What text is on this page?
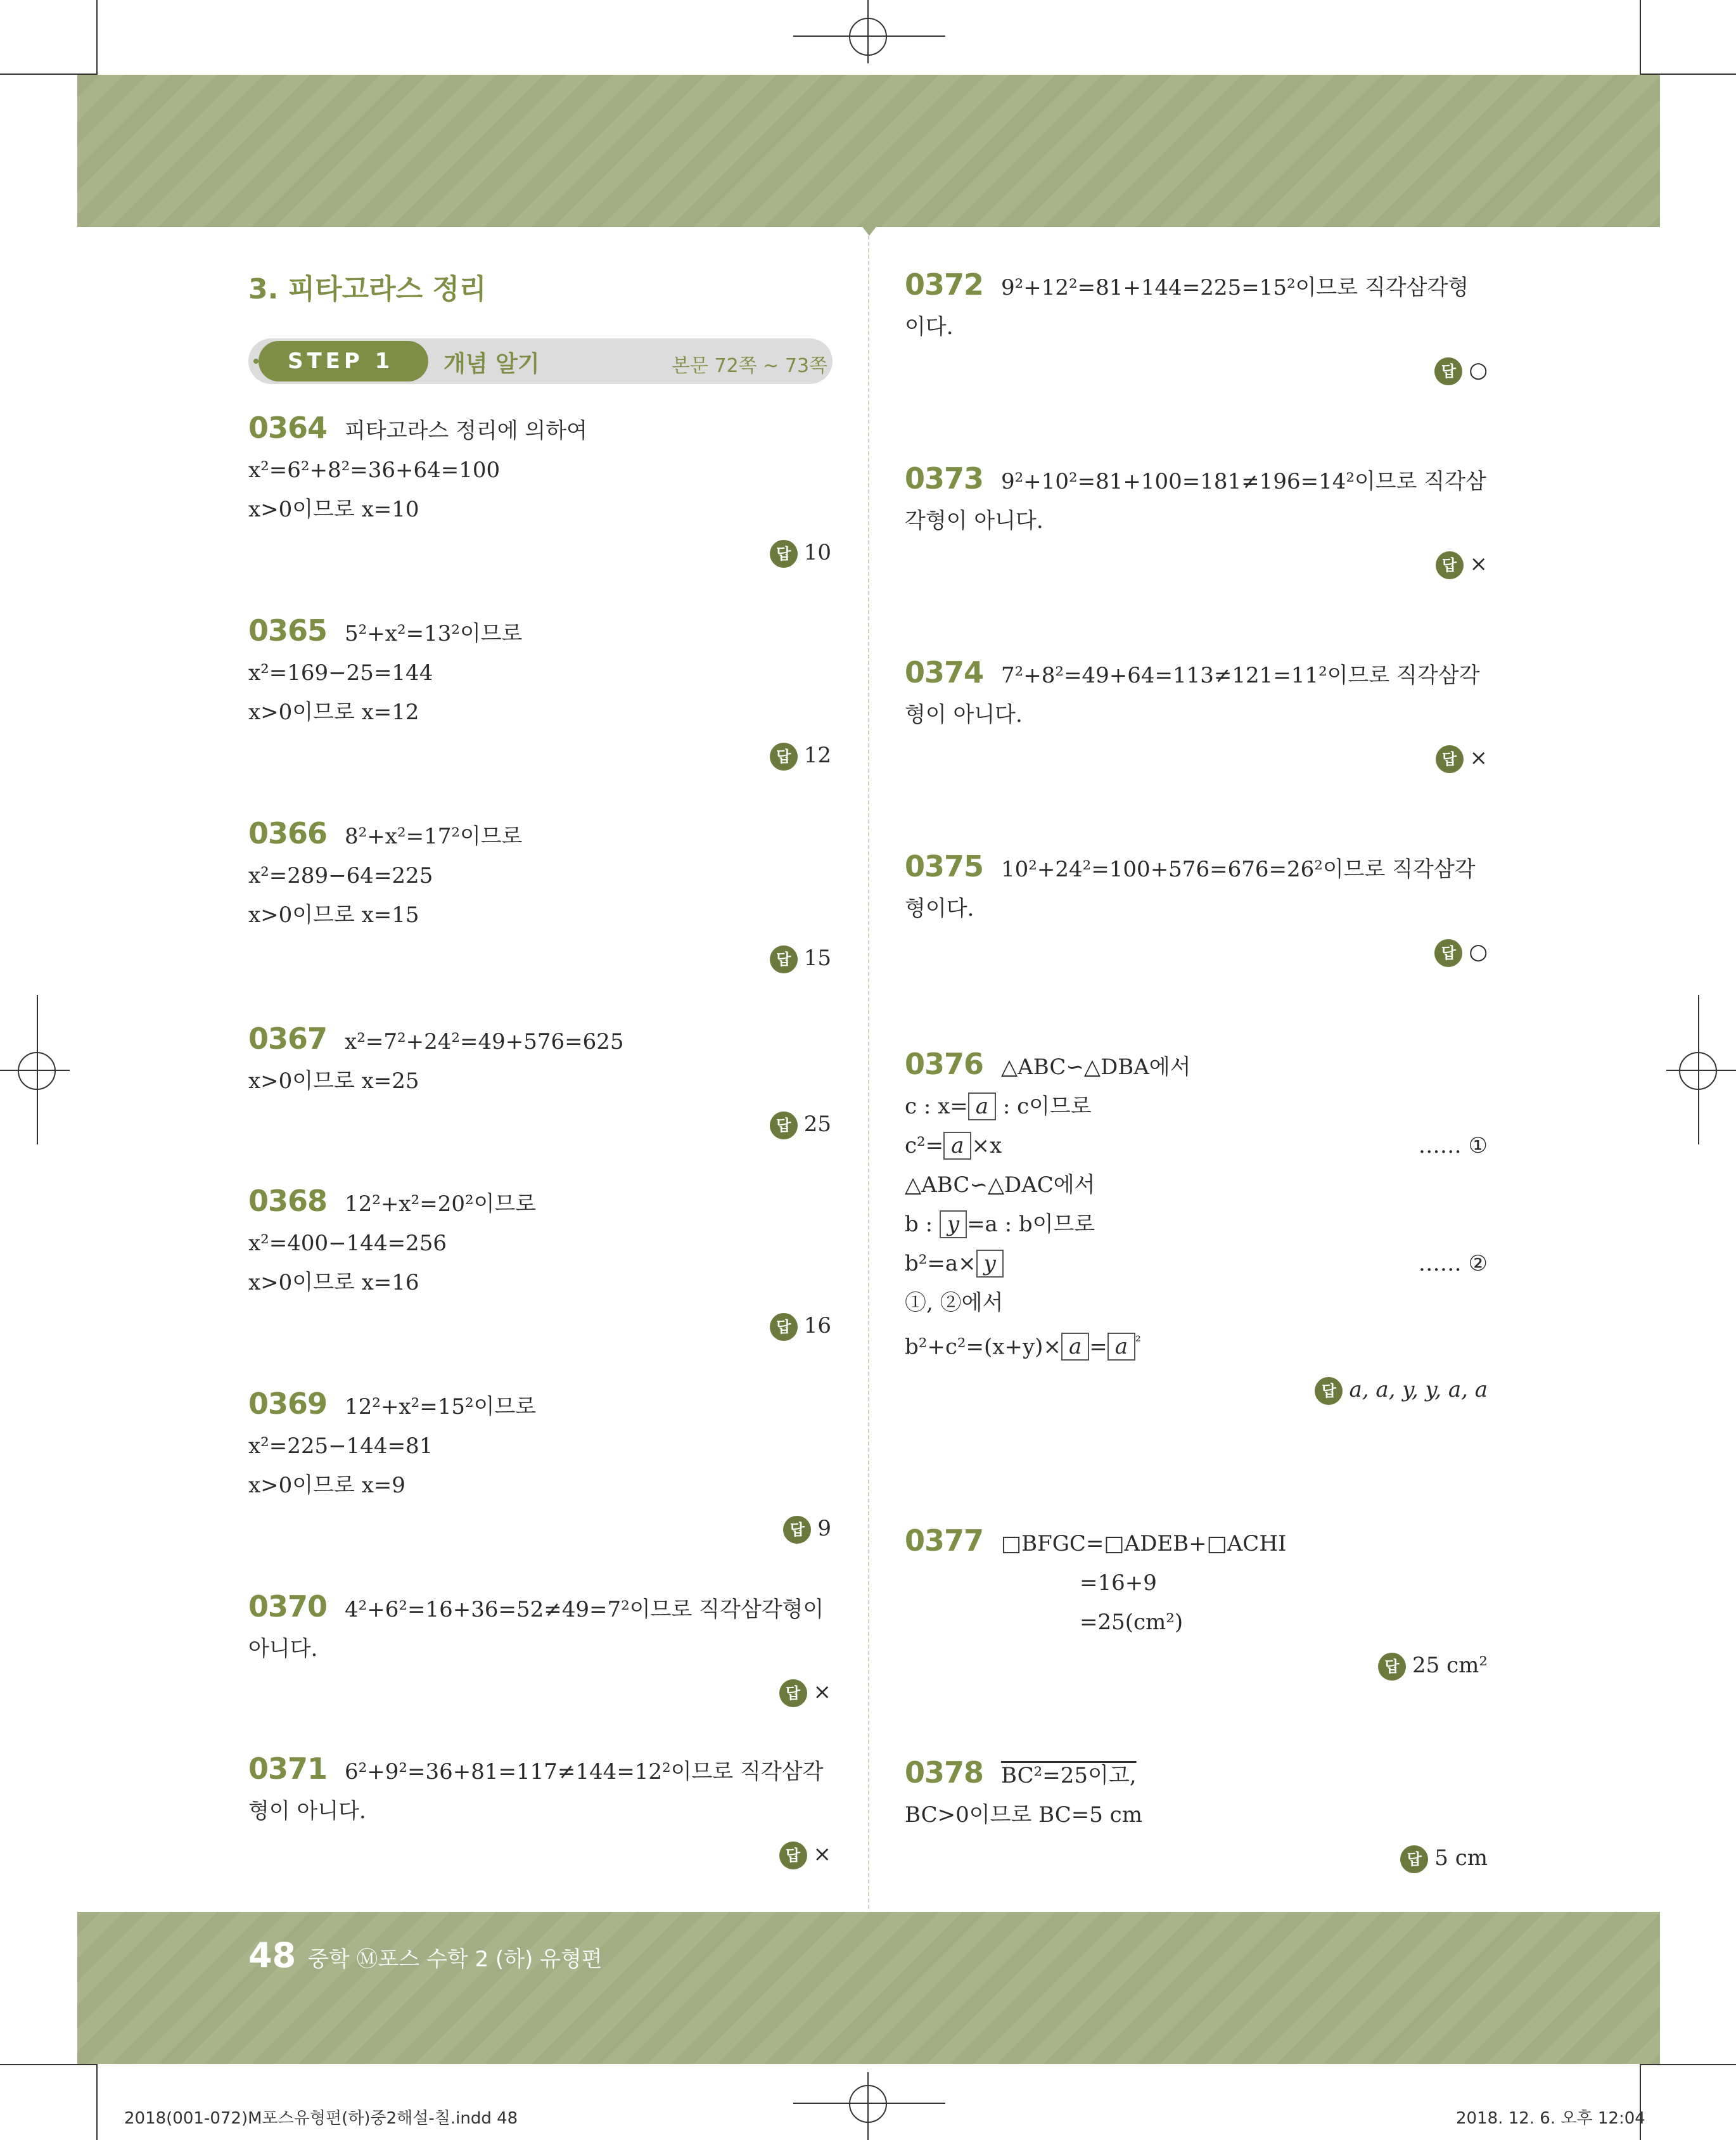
3. 피타고라스 정리
STEP 1	개념 알기	본문 72쪽 ~ 73쪽
0364 피타고라스 정리에 의하여
x²=6²+8²=36+64=100
x>0이므로 x=10
답 10
0365 5²+x²=13²이므로
x²=169−25=144
x>0이므로 x=12
답 12
0366 8²+x²=17²이므로
x²=289−64=225
x>0이므로 x=15
답 15
0367 x²=7²+24²=49+576=625
x>0이므로 x=25
답 25
0368 12²+x²=20²이므로
x²=400−144=256
x>0이므로 x=16
답 16
0369 12²+x²=15²이므로
x²=225−144=81
x>0이므로 x=9
답 9
0370 4²+6²=16+36=52≠49=7²이므로 직각삼각형이 아니다.
답 ×
0371 6²+9²=36+81=117≠144=12²이므로 직각삼각형이 아니다.
답 ×
0372 9²+12²=81+144=225=15²이므로 직각삼각형이다.
답 ○
0373 9²+10²=81+100=181≠196=14²이므로 직각삼각형이 아니다.
답 ×
0374 7²+8²=49+64=113≠121=11²이므로 직각삼각형이 아니다.
답 ×
0375 10²+24²=100+576=676=26²이므로 직각삼각형이다.
답 ○
0376 △ABC∽△DBA에서
c : x= a : c이므로
c²= a ×x	…… ①
△ABC∽△DAC에서
b : y =a : b이므로
b²=a× y	…… ②
①, ②에서
b²+c²=(x+y)× a = a $^{^2}$
답 a, a, y, y, a, a
0377 □BFGC=□ADEB+□ACHI
=16+9
=25(cm²)
답 25 cm²
0378 BC²=25이고,
BC>0이므로 BC=5 cm
답 5 cm
48 중학 Ⓜ포스 수학 2 (하) 유형편
2018(001-072)M포스유형편(하)중2해설-칠.indd 48	2018. 12. 6. 오후 12:04
